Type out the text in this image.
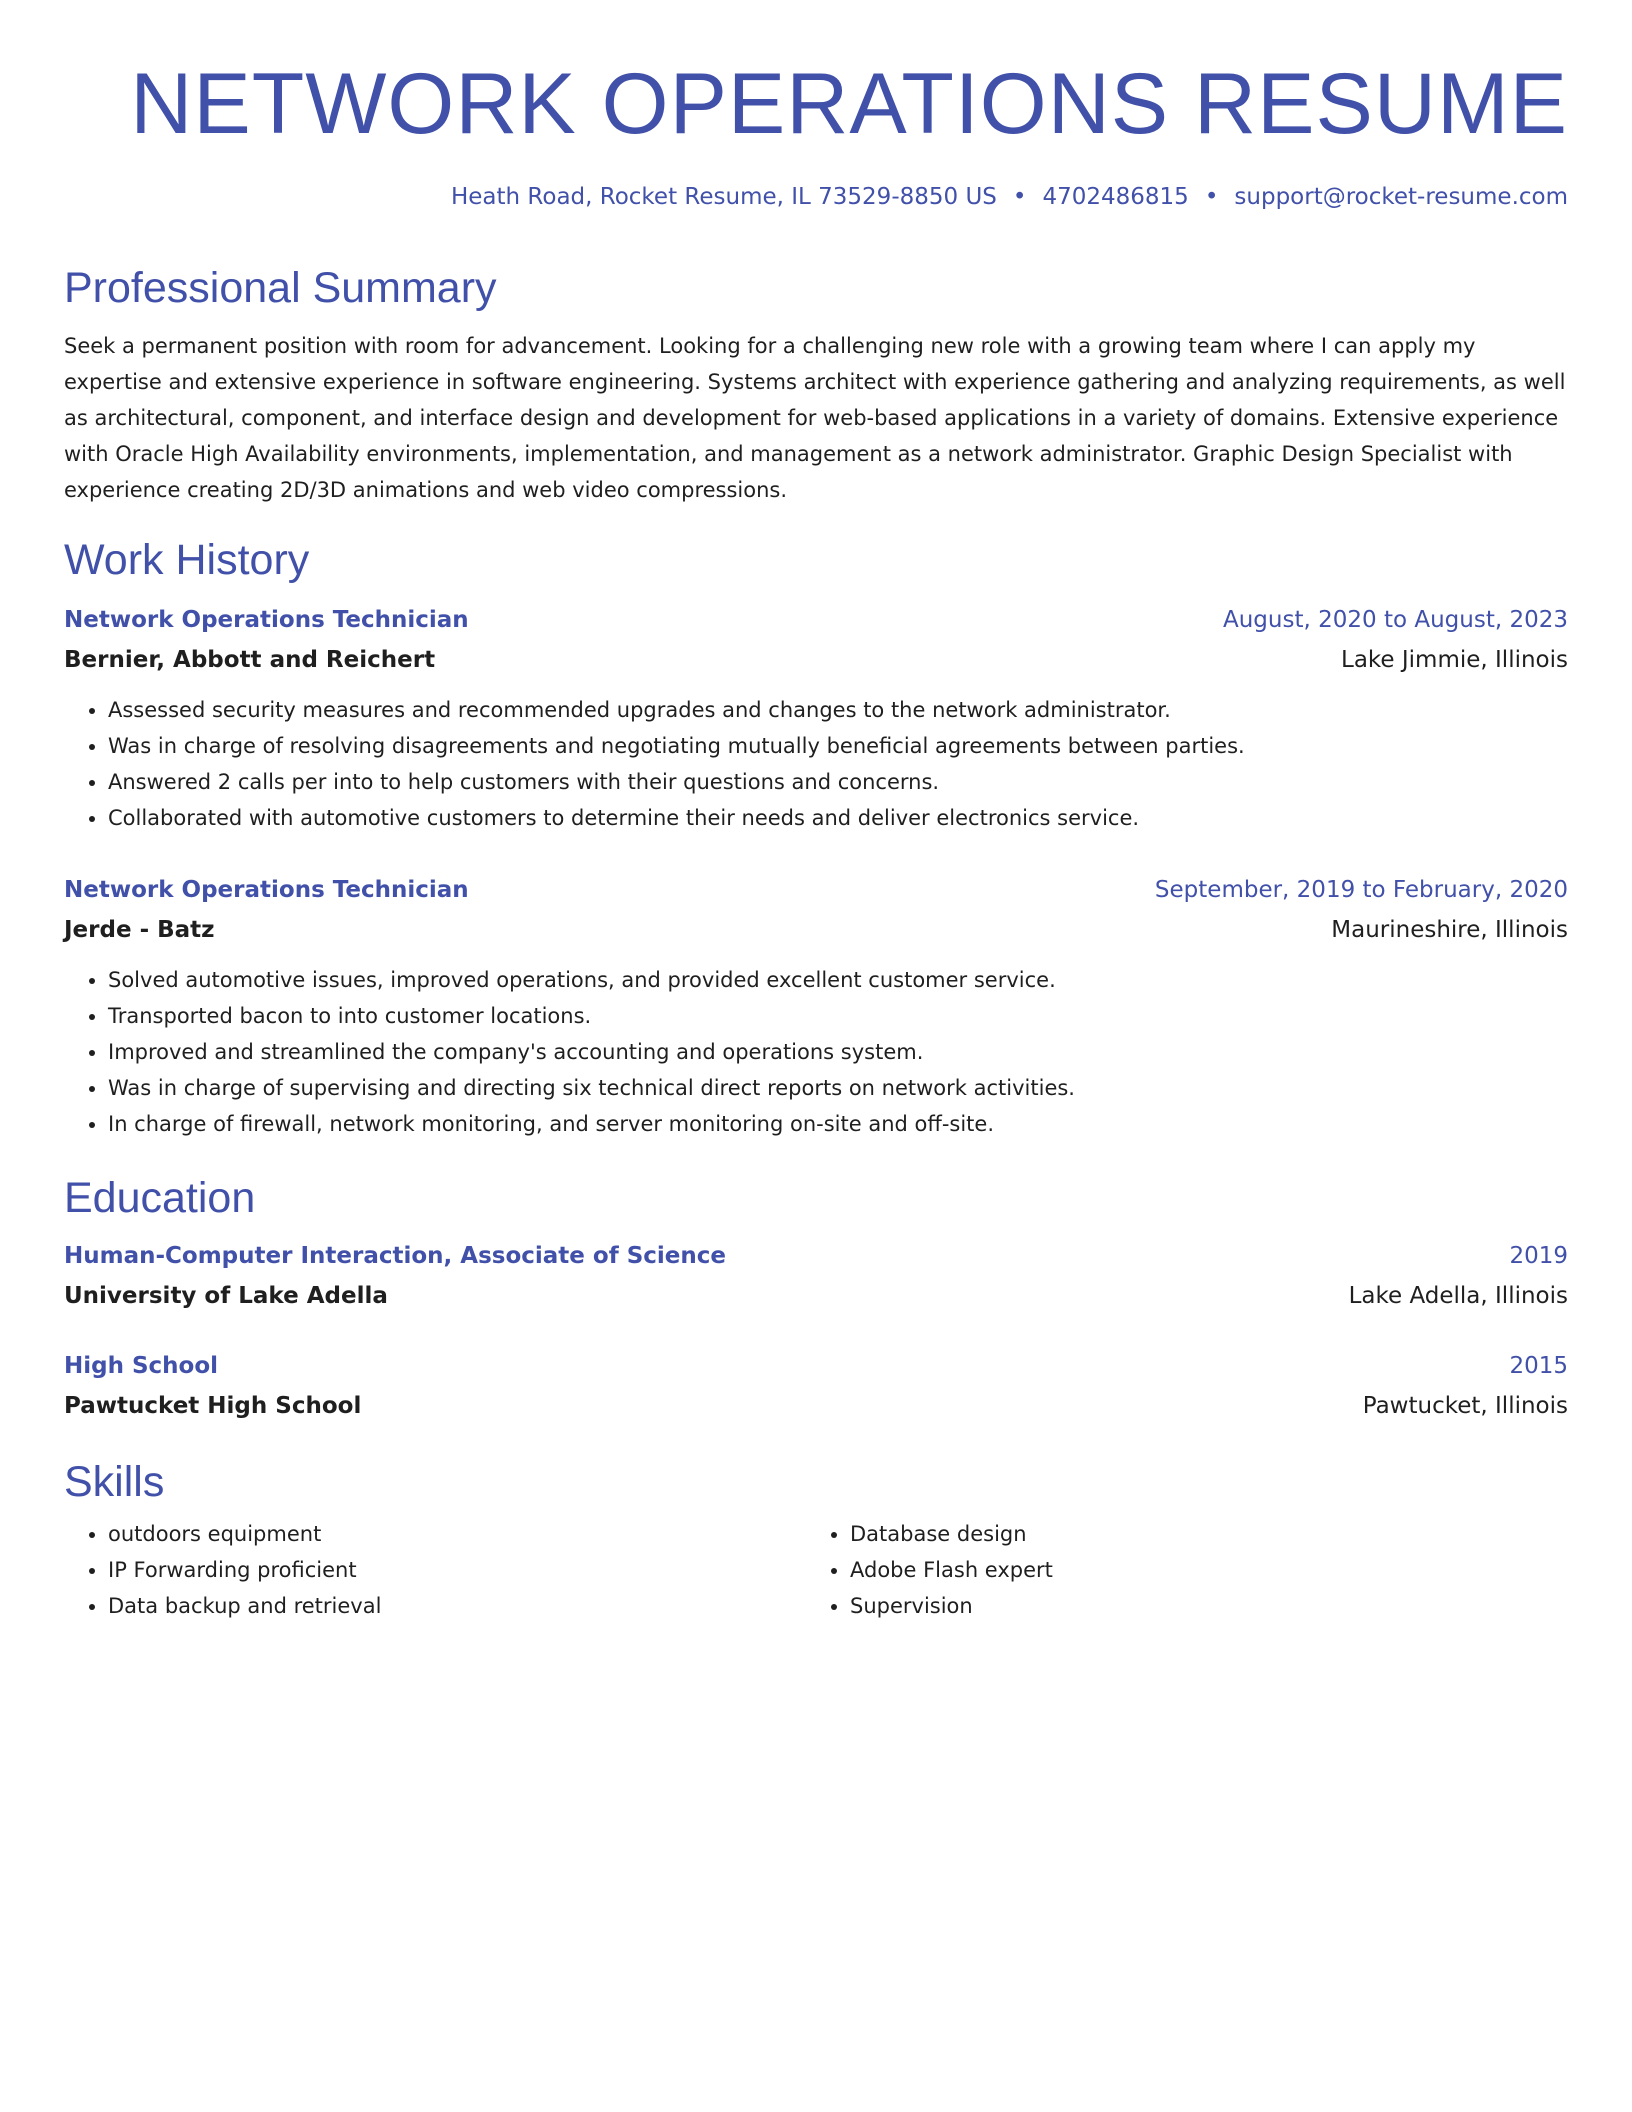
NETWORK OPERATIONS RESUME
Heath Road, Rocket Resume, IL 73529-8850 US • 4702486815 • support@rocket-resume.com
Professional Summary

Seek a permanent position with room for advancement. Looking for a challenging new role with a growing team where I can apply my expertise and extensive experience in software engineering. Systems architect with experience gathering and analyzing requirements, as well as architectural, component, and interface design and development for web-based applications in a variety of domains. Extensive experience with Oracle High Availability environments, implementation, and management as a network administrator. Graphic Design Specialist with experience creating 2D/3D animations and web video compressions.

Work History
Network Operations Technician	August, 2020 to August, 2023
Bernier, Abbott and Reichert	Lake Jimmie, Illinois
• Assessed security measures and recommended upgrades and changes to the network administrator.
• Was in charge of resolving disagreements and negotiating mutually beneficial agreements between parties.
• Answered 2 calls per into to help customers with their questions and concerns.
• Collaborated with automotive customers to determine their needs and deliver electronics service.
Network Operations Technician	September, 2019 to February, 2020
Jerde - Batz	Maurineshire, Illinois
• Solved automotive issues, improved operations, and provided excellent customer service.
• Transported bacon to into customer locations.
• Improved and streamlined the company's accounting and operations system.
• Was in charge of supervising and directing six technical direct reports on network activities.
• In charge of firewall, network monitoring, and server monitoring on-site and off-site.
Education
Human-Computer Interaction, Associate of Science	2019
University of Lake Adella	Lake Adella, Illinois
High School	2015
Pawtucket High School	Pawtucket, Illinois
Skills
• outdoors equipment
• IP Forwarding proficient
• Data backup and retrieval
• Database design
• Adobe Flash expert
• Supervision
